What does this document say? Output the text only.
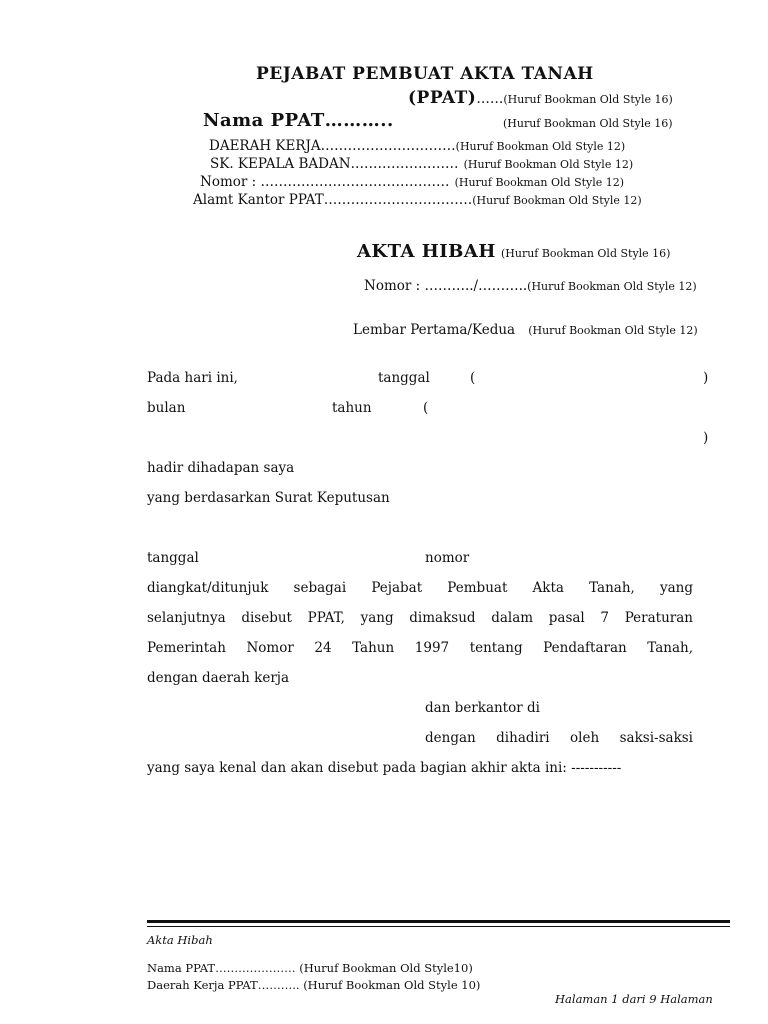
PEJABAT PEMBUAT AKTA TANAH
(PPAT)……(Huruf Bookman Old Style 16)
Nama PPAT………..	(Huruf Bookman Old Style 16)
DAERAH KERJA…………………………(Huruf Bookman Old Style 12)
SK. KEPALA BADAN…………………… (Huruf Bookman Old Style 12)
Nomor : …………………………………… (Huruf Bookman Old Style 12)
Alamt Kantor PPAT……………………………(Huruf Bookman Old Style 12)
AKTA HIBAH (Huruf Bookman Old Style 16)
Nomor : ………../………..(Huruf Bookman Old Style 12)
Lembar Pertama/Kedua (Huruf Bookman Old Style 12)
Pada hari ini,	tanggal	(	)
bulan	tahun	(
)
hadir dihadapan saya
yang berdasarkan Surat Keputusan
tanggal	nomor
diangkat/ditunjuk sebagai Pejabat Pembuat Akta Tanah, yang
selanjutnya disebut PPAT, yang dimaksud dalam pasal 7 Peraturan
Pemerintah Nomor 24 Tahun 1997 tentang Pendaftaran Tanah,
dengan daerah kerja
dan berkantor di
dengan dihadiri oleh saksi-saksi
yang saya kenal dan akan disebut pada bagian akhir akta ini: -----------
Akta Hibah
Nama PPAT………………… (Huruf Bookman Old Style10)
Daerah Kerja PPAT……….. (Huruf Bookman Old Style 10)
Halaman 1 dari 9 Halaman
